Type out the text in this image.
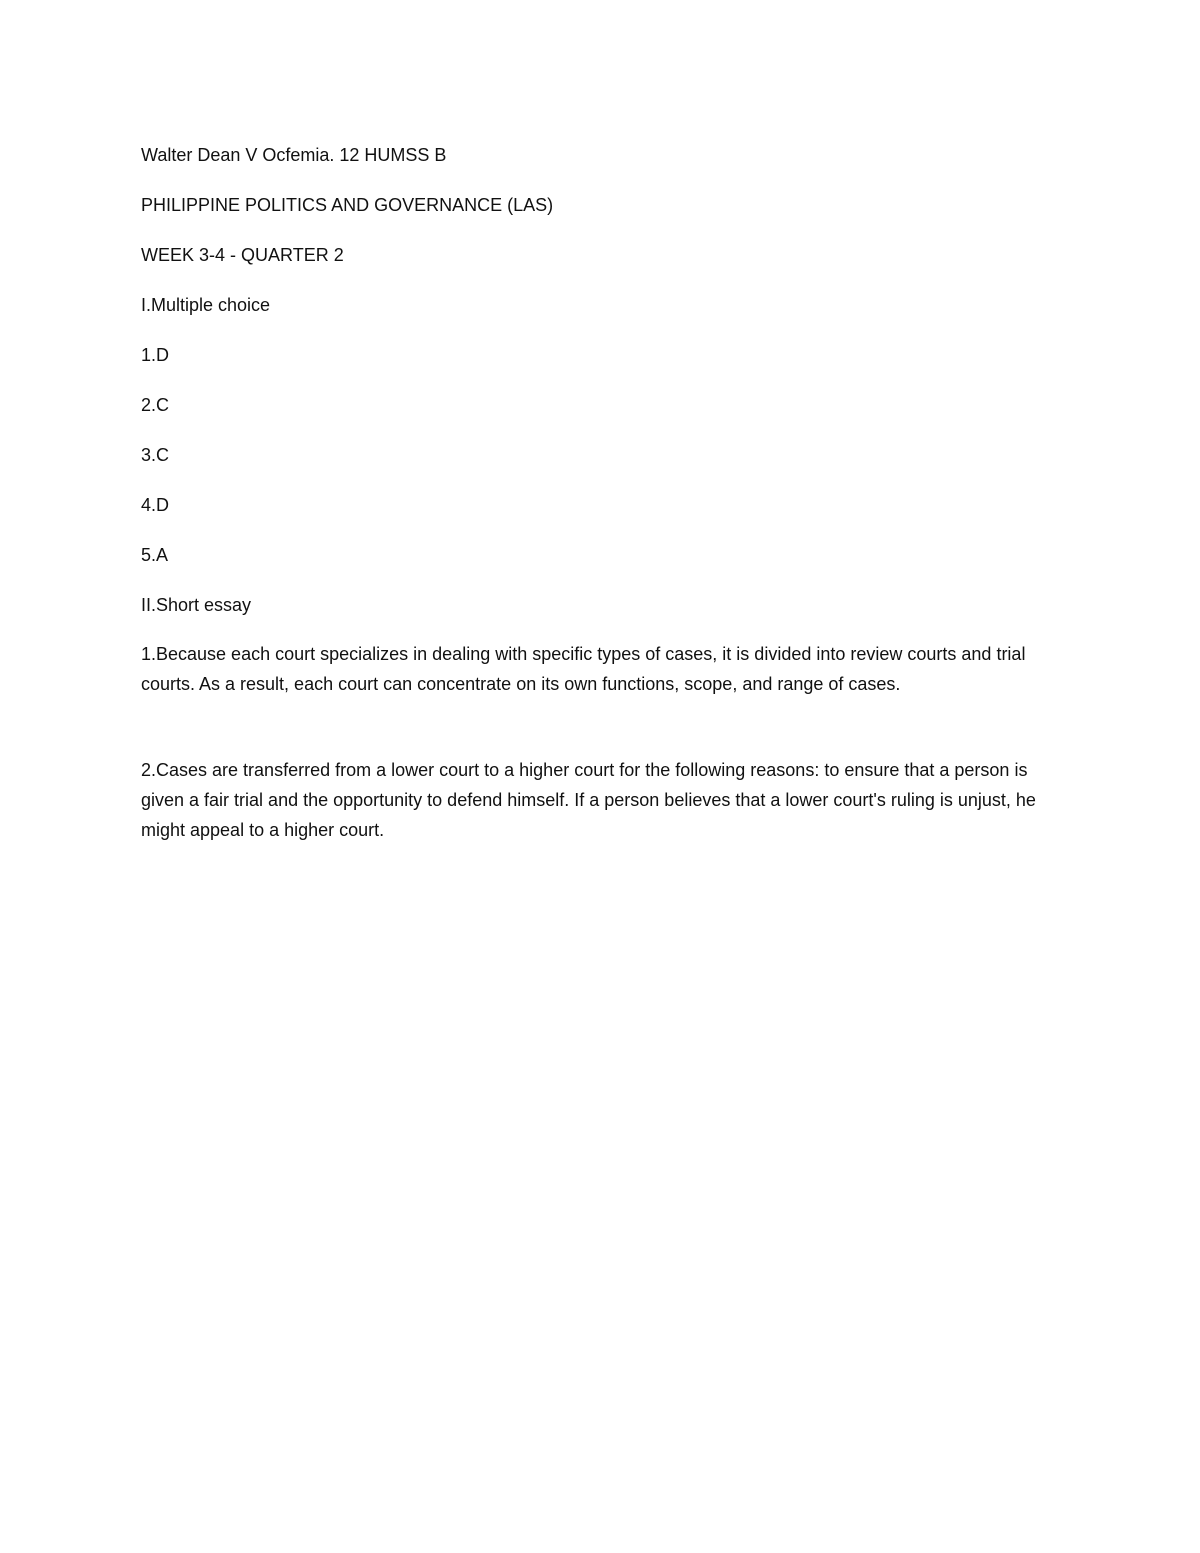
Walter Dean V Ocfemia. 12 HUMSS B
PHILIPPINE POLITICS AND GOVERNANCE (LAS)
WEEK 3-4 - QUARTER 2
I.Multiple choice
1.D
2.C
3.C
4.D
5.A
II.Short essay

1.Because each court specializes in dealing with specific types of cases, it is divided into review courts and trial courts. As a result, each court can concentrate on its own functions, scope, and range of cases.

2.Cases are transferred from a lower court to a higher court for the following reasons: to ensure that a person is given a fair trial and the opportunity to defend himself. If a person believes that a lower court's ruling is unjust, he might appeal to a higher court.
